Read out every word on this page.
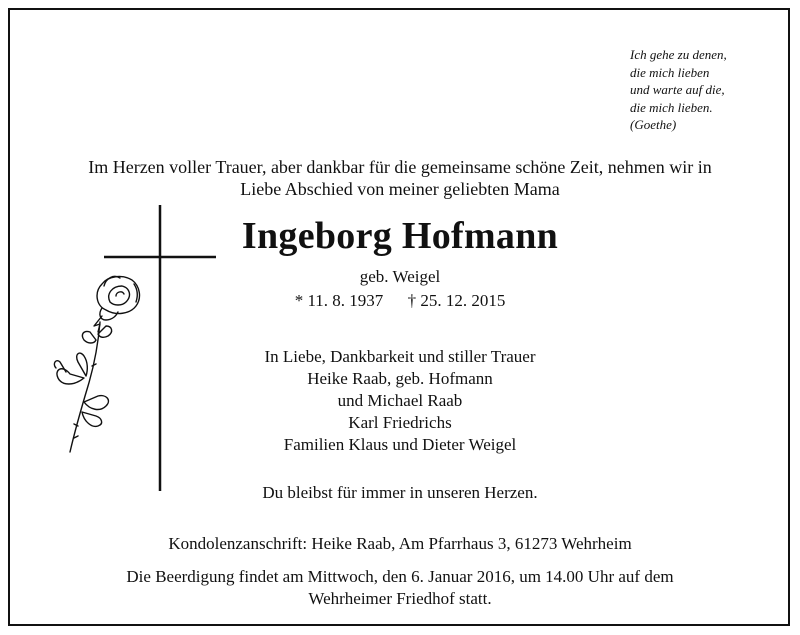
Ich gehe zu denen,
die mich lieben
und warte auf die,
die mich lieben.
(Goethe)
Im Herzen voller Trauer, aber dankbar für die gemeinsame schöne Zeit, nehmen wir in
Liebe Abschied von meiner geliebten Mama
Ingeborg Hofmann
geb. Weigel
* 11. 8. 1937 † 25. 12. 2015
In Liebe, Dankbarkeit und stiller Trauer
Heike Raab, geb. Hofmann
und Michael Raab
Karl Friedrichs
Familien Klaus und Dieter Weigel
Du bleibst für immer in unseren Herzen.
Kondolenzanschrift: Heike Raab, Am Pfarrhaus 3, 61273 Wehrheim
Die Beerdigung findet am Mittwoch, den 6. Januar 2016, um 14.00 Uhr auf dem
Wehrheimer Friedhof statt.
